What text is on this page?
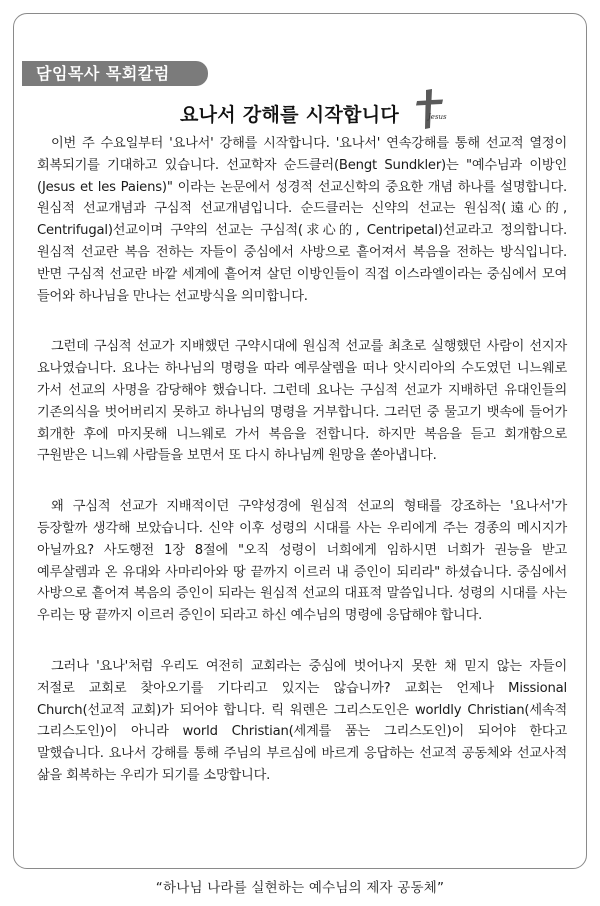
담임목사 목회칼럼
요나서 강해를 시작합니다	Jesus

이번 주 수요일부터 '요나서' 강해를 시작합니다. '요나서' 연속강해를 통해 선교적 열정이 회복되기를 기대하고 있습니다. 선교학자 순드클러(Bengt Sundkler)는 "예수님과 이방인(Jesus et les Paiens)" 이라는 논문에서 성경적 선교신학의 중요한 개념 하나를 설명합니다. 원심적 선교개념과 구심적 선교개념입니다. 순드클러는 신약의 선교는 원심적(遠心的, Centrifugal)선교이며 구약의 선교는 구심적(求心的, Centripetal)선교라고 정의합니다. 원심적 선교란 복음 전하는 자들이 중심에서 사방으로 흩어져서 복음을 전하는 방식입니다. 반면 구심적 선교란 바깥 세계에 흩어져 살던 이방인들이 직접 이스라엘이라는 중심에서 모여 들어와 하나님을 만나는 선교방식을 의미합니다.

그런데 구심적 선교가 지배했던 구약시대에 원심적 선교를 최초로 실행했던 사람이 선지자 요나였습니다. 요나는 하나님의 명령을 따라 예루살렘을 떠나 앗시리아의 수도였던 니느웨로 가서 선교의 사명을 감당해야 했습니다. 그런데 요나는 구심적 선교가 지배하던 유대인들의 기존의식을 벗어버리지 못하고 하나님의 명령을 거부합니다. 그러던 중 물고기 뱃속에 들어가 회개한 후에 마지못해 니느웨로 가서 복음을 전합니다. 하지만 복음을 듣고 회개함으로 구원받은 니느웨 사람들을 보면서 또 다시 하나님께 원망을 쏟아냅니다.

왜 구심적 선교가 지배적이던 구약성경에 원심적 선교의 형태를 강조하는 '요나서'가 등장할까 생각해 보았습니다. 신약 이후 성령의 시대를 사는 우리에게 주는 경종의 메시지가 아닐까요? 사도행전 1장 8절에 "오직 성령이 너희에게 임하시면 너희가 권능을 받고 예루살렘과 온 유대와 사마리아와 땅 끝까지 이르러 내 증인이 되리라" 하셨습니다. 중심에서 사방으로 흩어져 복음의 증인이 되라는 원심적 선교의 대표적 말씀입니다. 성령의 시대를 사는 우리는 땅 끝까지 이르러 증인이 되라고 하신 예수님의 명령에 응답해야 합니다.

그러나 '요나'처럼 우리도 여전히 교회라는 중심에 벗어나지 못한 채 믿지 않는 자들이 저절로 교회로 찾아오기를 기다리고 있지는 않습니까? 교회는 언제나 Missional Church(선교적 교회)가 되어야 합니다. 릭 워렌은 그리스도인은 worldly Christian(세속적 그리스도인)이 아니라 world Christian(세계를 품는 그리스도인)이 되어야 한다고 말했습니다. 요나서 강해를 통해 주님의 부르심에 바르게 응답하는 선교적 공동체와 선교사적 삶을 회복하는 우리가 되기를 소망합니다.

“하나님 나라를 실현하는 예수님의 제자 공동체”
